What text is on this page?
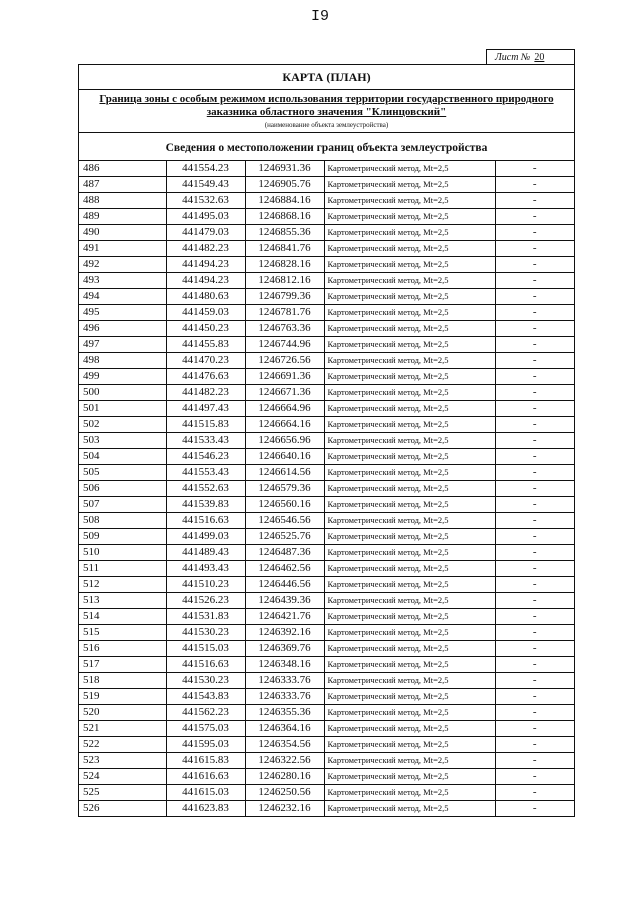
I9
Лист № 20
КАРТА (ПЛАН)
Граница зоны с особым режимом использования территории государственного природного заказника областного значения "Клинцовский"
(наименование объекта землеустройства)
Сведения о местоположении границ объекта землеустройства
486	441554.23	1246931.36	Картометрический метод, Mt=2,5	-
487	441549.43	1246905.76	Картометрический метод, Mt=2,5	-
488	441532.63	1246884.16	Картометрический метод, Mt=2,5	-
489	441495.03	1246868.16	Картометрический метод, Mt=2,5	-
490	441479.03	1246855.36	Картометрический метод, Mt=2,5	-
491	441482.23	1246841.76	Картометрический метод, Mt=2,5	-
492	441494.23	1246828.16	Картометрический метод, Mt=2,5	-
493	441494.23	1246812.16	Картометрический метод, Mt=2,5	-
494	441480.63	1246799.36	Картометрический метод, Mt=2,5	-
495	441459.03	1246781.76	Картометрический метод, Mt=2,5	-
496	441450.23	1246763.36	Картометрический метод, Mt=2,5	-
497	441455.83	1246744.96	Картометрический метод, Mt=2,5	-
498	441470.23	1246726.56	Картометрический метод, Mt=2,5	-
499	441476.63	1246691.36	Картометрический метод, Mt=2,5	-
500	441482.23	1246671.36	Картометрический метод, Mt=2,5	-
501	441497.43	1246664.96	Картометрический метод, Mt=2,5	-
502	441515.83	1246664.16	Картометрический метод, Mt=2,5	-
503	441533.43	1246656.96	Картометрический метод, Mt=2,5	-
504	441546.23	1246640.16	Картометрический метод, Mt=2,5	-
505	441553.43	1246614.56	Картометрический метод, Mt=2,5	-
506	441552.63	1246579.36	Картометрический метод, Mt=2,5	-
507	441539.83	1246560.16	Картометрический метод, Mt=2,5	-
508	441516.63	1246546.56	Картометрический метод, Mt=2,5	-
509	441499.03	1246525.76	Картометрический метод, Mt=2,5	-
510	441489.43	1246487.36	Картометрический метод, Mt=2,5	-
511	441493.43	1246462.56	Картометрический метод, Mt=2,5	-
512	441510.23	1246446.56	Картометрический метод, Mt=2,5	-
513	441526.23	1246439.36	Картометрический метод, Mt=2,5	-
514	441531.83	1246421.76	Картометрический метод, Mt=2,5	-
515	441530.23	1246392.16	Картометрический метод, Mt=2,5	-
516	441515.03	1246369.76	Картометрический метод, Mt=2,5	-
517	441516.63	1246348.16	Картометрический метод, Mt=2,5	-
518	441530.23	1246333.76	Картометрический метод, Mt=2,5	-
519	441543.83	1246333.76	Картометрический метод, Mt=2,5	-
520	441562.23	1246355.36	Картометрический метод, Mt=2,5	-
521	441575.03	1246364.16	Картометрический метод, Mt=2,5	-
522	441595.03	1246354.56	Картометрический метод, Mt=2,5	-
523	441615.83	1246322.56	Картометрический метод, Mt=2,5	-
524	441616.63	1246280.16	Картометрический метод, Mt=2,5	-
525	441615.03	1246250.56	Картометрический метод, Mt=2,5	-
526	441623.83	1246232.16	Картометрический метод, Mt=2,5	-
